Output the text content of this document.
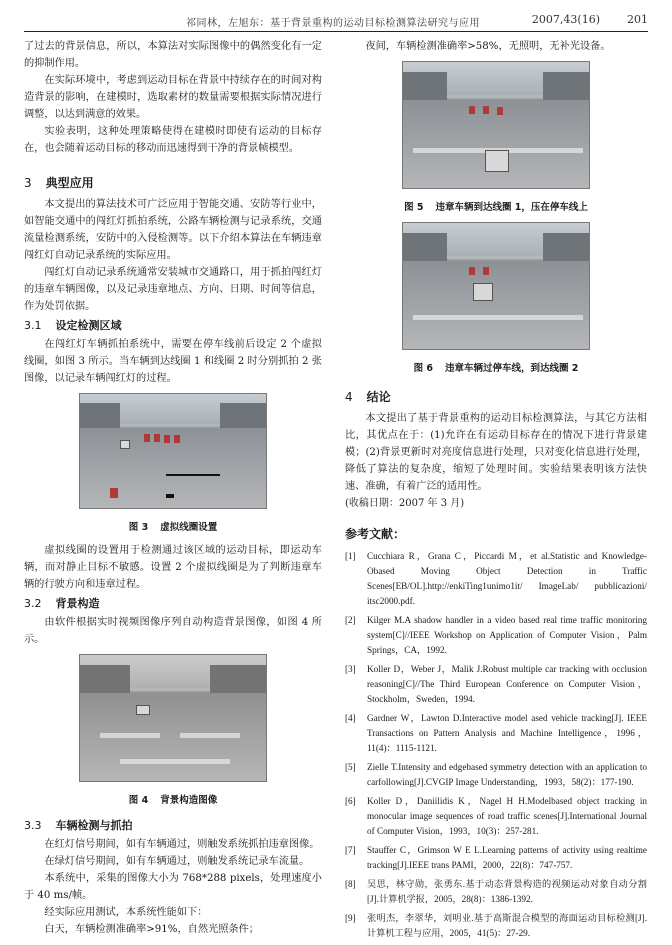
祁同林，左旭东：基于背景重构的运动目标检测算法研究与应用	2007,43(16) 201

了过去的背景信息，所以，本算法对实际图像中的偶然变化有一定的抑制作用。

在实际环境中，考虑到运动目标在背景中持续存在的时间对构造背景的影响，在建模时，选取素材的数量需要根据实际情况进行调整，以达到满意的效果。

实验表明，这种处理策略使得在建模时即使有运动的目标存在，也会随着运动目标的移动而迅速得到干净的背景帧模型。

3 典型应用

本文提出的算法技术可广泛应用于智能交通、安防等行业中，如智能交通中的闯红灯抓拍系统，公路车辆检测与记录系统，交通流量检测系统，安防中的入侵检测等。以下介绍本算法在车辆违章闯红灯自动记录系统的实际应用。

闯红灯自动记录系统通常安装城市交通路口，用于抓拍闯红灯的违章车辆图像，以及记录违章地点、方向、日期、时间等信息，作为处罚依据。

3.1 设定检测区域

在闯红灯车辆抓拍系统中，需要在停车线前后设定 2 个虚拟线圈，如图 3 所示。当车辆到达线圈 1 和线圈 2 时分别抓拍 2 张图像，以记录车辆闯红灯的过程。

图 3 虚拟线圈设置

虚拟线圈的设置用于检测通过该区域的运动目标，即运动车辆，而对静止目标不敏感。设置 2 个虚拟线圈是为了判断违章车辆的行驶方向和违章过程。

3.2 背景构造

由软件根据实时视频图像序列自动构造背景图像，如图 4 所示。

图 4 背景构造图像
3.3 车辆检测与抓拍

在红灯信号期间，如有车辆通过，则触发系统抓拍违章图像。

在绿灯信号期间，如有车辆通过，则触发系统记录车流量。

本系统中，采集的图像大小为 768*288 pixels，处理速度小于 40 ms/帧。

经实际应用测试，本系统性能如下：

白天，车辆检测准确率>91%，自然光照条件；

夜间，车辆检测准确率>58%，无照明，无补光设备。

图 5 违章车辆到达线圈 1，压在停车线上
图 6 违章车辆过停车线，到达线圈 2
4 结论

本文提出了基于背景重构的运动目标检测算法，与其它方法相比，其优点在于：(1)允许在有运动目标存在的情况下进行背景建模；(2)背景更新时对亮度信息进行处理，只对变化信息进行处理，降低了算法的复杂度，缩短了处理时间。实验结果表明该方法快速、准确，有着广泛的适用性。

(收稿日期：2007 年 3 月)

参考文献：
[1]	Cucchiara R，Grana C，Piccardi M，et al.Statistic and Knowledge-Obased Moving Object Detection in Traffic Scenes[EB/OL].http://enkiTing1unimo1it/ ImageLab/ pubblicazioni/ itsc2000.pdf.
[2]	Kilger M.A shadow handler in a video based real time traffic monitoring system[C]//IEEE Workshop on Application of Computer Vision，Palm Springs，CA，1992.
[3]	Koller D，Weber J，Malik J.Robust multiple car tracking with occlusion reasoning[C]//The Third European Conference on Computer Vision，Stockholm，Sweden，1994.
[4]	Gardner W，Lawton D.Interactive model ased vehicle tracking[J]. IEEE Transactions on Pattern Analysis and Machine Intelligence，1996，11(4)：1115-1121.
[5]	Zielle T.Intensity and edgebased symmetry detection with an application to carfollowing[J].CVGIP Image Understanding，1993，58(2)：177-190.
[6]	Koller D，Daniilidis K，Nagel H H.Modelbased object tracking in monocular image sequences of road traffic scenes[J].International Journal of Computer Vision，1993，10(3)：257-281.
[7]	Stauffer C，Grimson W E L.Learning patterns of activity using realtime tracking[J].IEEE trans PAMI，2000，22(8)：747-757.
[8]	吴思，林守勋，张勇东.基于动态背景构造的视频运动对象自动分割[J].计算机学报，2005，28(8)：1386-1392.
[9]	张明杰，李翠华，刘明业.基于高斯混合模型的海面运动目标检测[J].计算机工程与应用，2005，41(5)：27-29.
